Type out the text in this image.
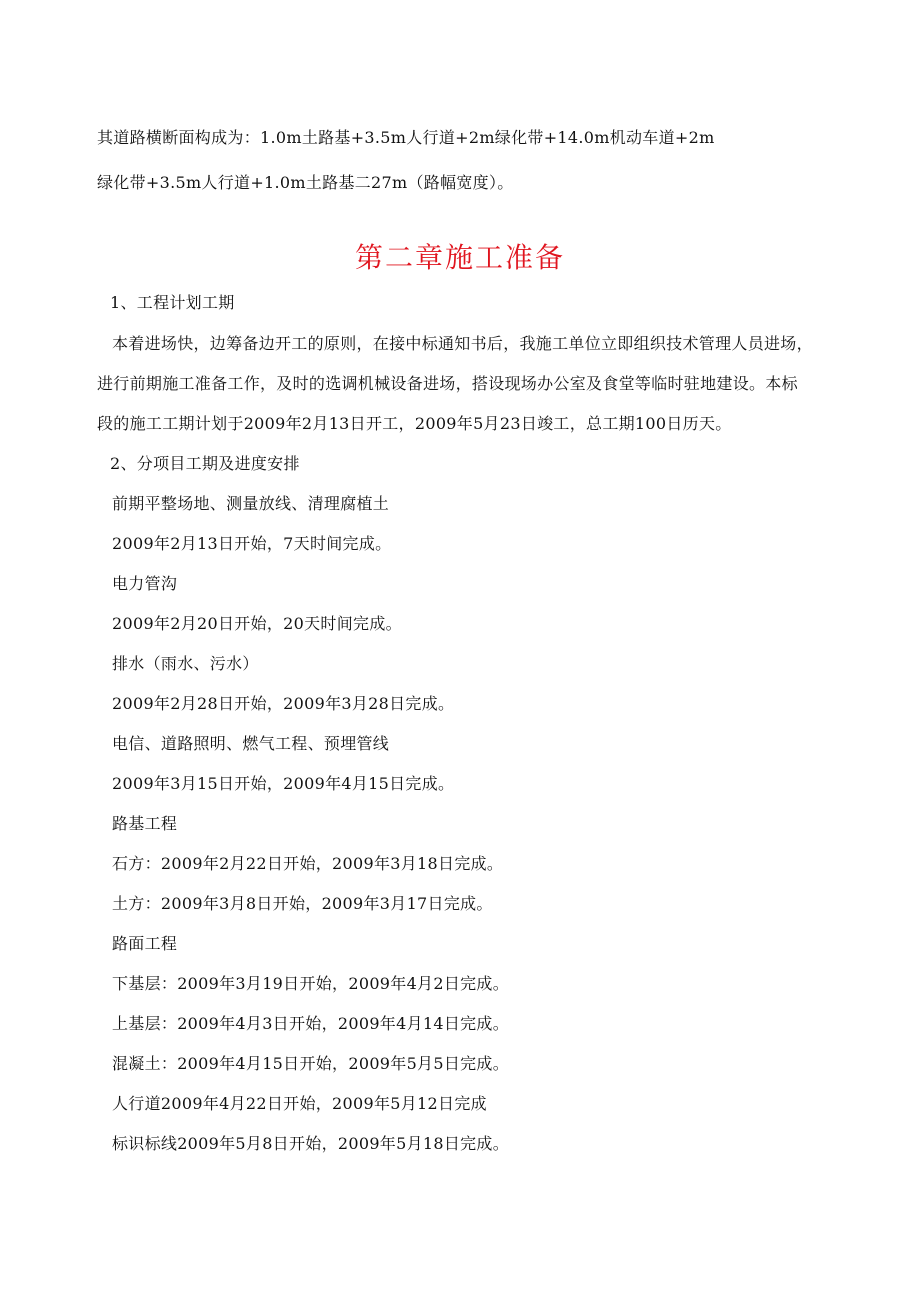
其道路横断面构成为：1.0m土路基+3.5m人行道+2m绿化带+14.0m机动车道+2m
绿化带+3.5m人行道+1.0m土路基二27m（路幅宽度）。
第二章施工准备
1、工程计划工期
本着进场快，边筹备边开工的原则，在接中标通知书后，我施工单位立即组织技术管理人员进场，
进行前期施工准备工作，及时的选调机械设备进场，搭设现场办公室及食堂等临时驻地建设。本标
段的施工工期计划于2009年2月13日开工，2009年5月23日竣工，总工期100日历天。
2、分项目工期及进度安排
前期平整场地、测量放线、清理腐植土
2009年2月13日开始，7天时间完成。
电力管沟
2009年2月20日开始，20天时间完成。
排水（雨水、污水）
2009年2月28日开始，2009年3月28日完成。
电信、道路照明、燃气工程、预埋管线
2009年3月15日开始，2009年4月15日完成。
路基工程
石方：2009年2月22日开始，2009年3月18日完成。
土方：2009年3月8日开始，2009年3月17日完成。
路面工程
下基层：2009年3月19日开始，2009年4月2日完成。
上基层：2009年4月3日开始，2009年4月14日完成。
混凝土：2009年4月15日开始，2009年5月5日完成。
人行道2009年4月22日开始，2009年5月12日完成
标识标线2009年5月8日开始，2009年5月18日完成。
